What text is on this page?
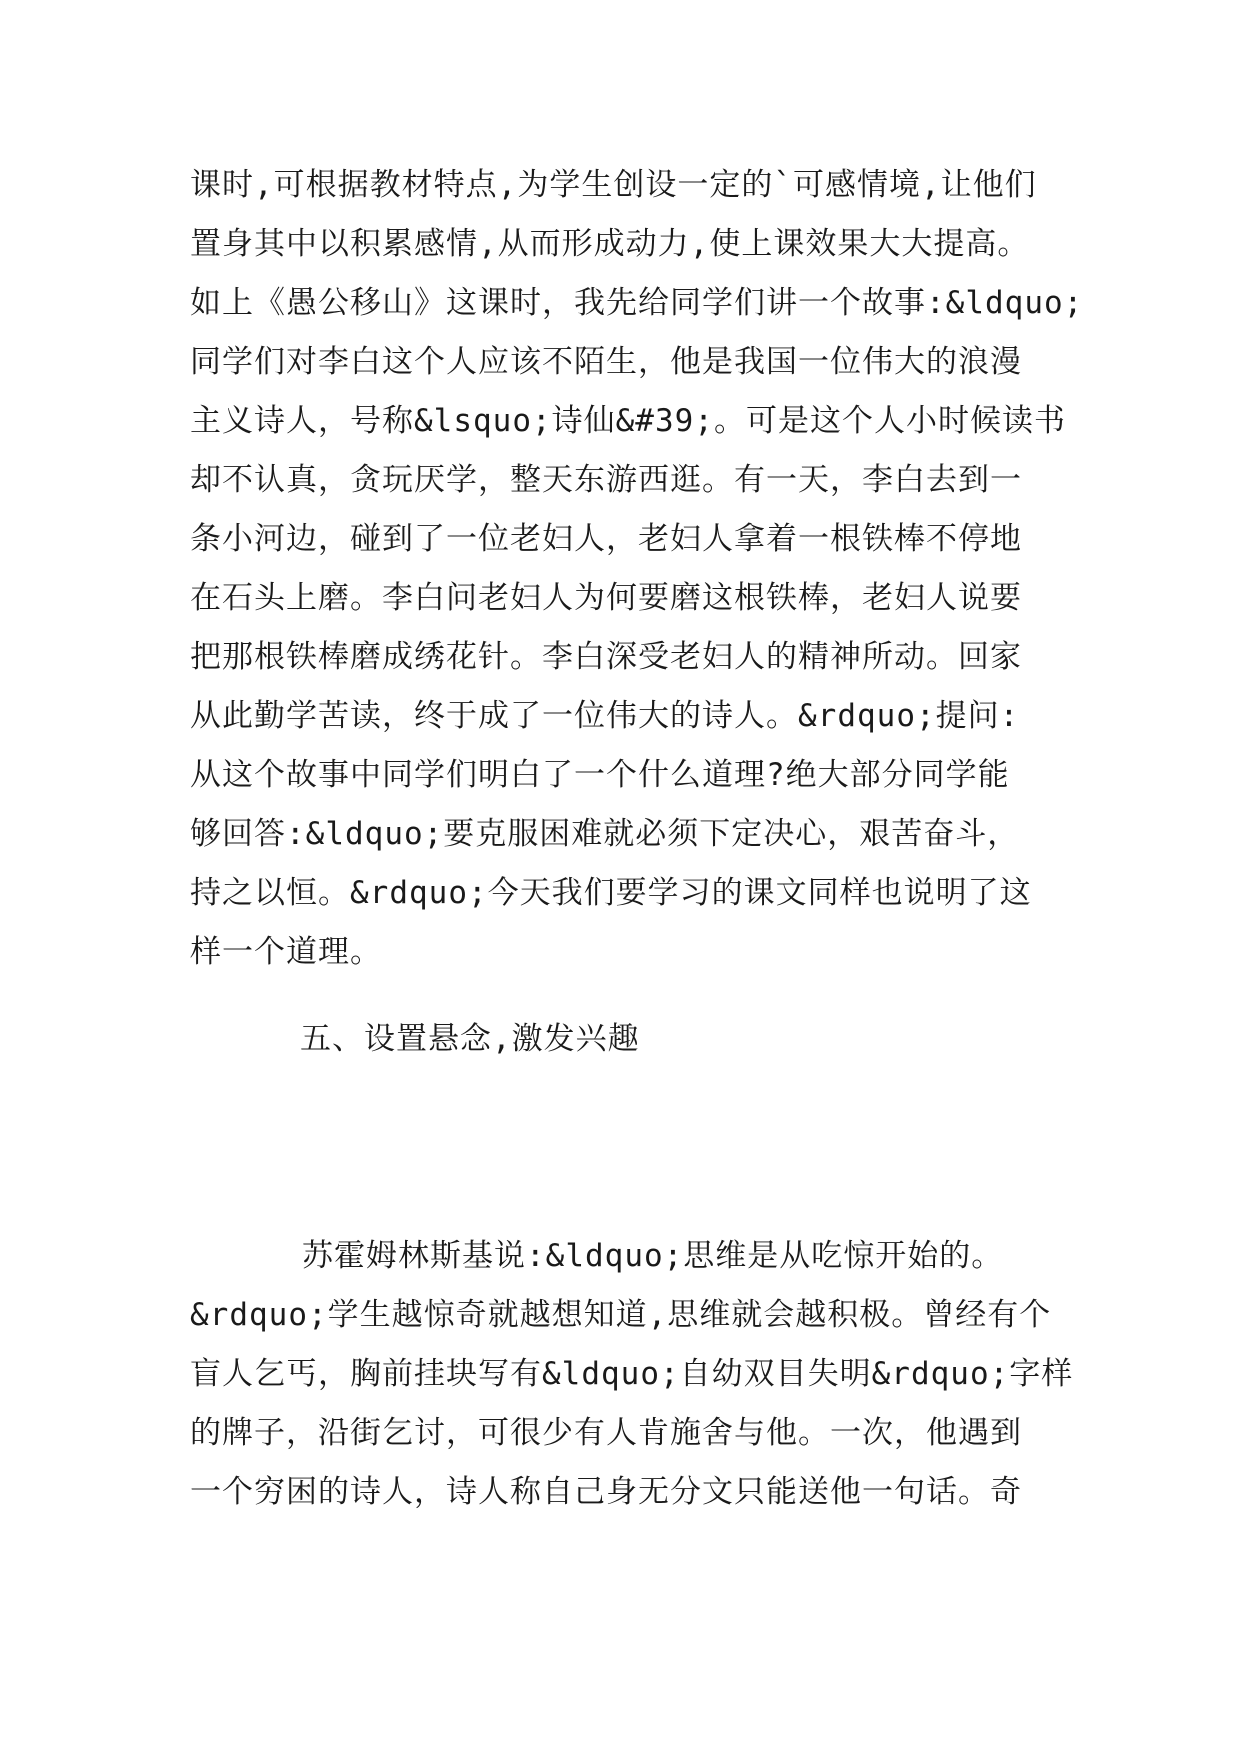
课时,可根据教材特点,为学生创设一定的`可感情境,让他们
置身其中以积累感情,从而形成动力,使上课效果大大提高。
如上《愚公移山》这课时，我先给同学们讲一个故事:&ldquo;
同学们对李白这个人应该不陌生，他是我国一位伟大的浪漫
主义诗人，号称&lsquo;诗仙&#39;。可是这个人小时候读书
却不认真，贪玩厌学，整天东游西逛。有一天，李白去到一
条小河边，碰到了一位老妇人，老妇人拿着一根铁棒不停地
在石头上磨。李白问老妇人为何要磨这根铁棒，老妇人说要
把那根铁棒磨成绣花针。李白深受老妇人的精神所动。回家
从此勤学苦读，终于成了一位伟大的诗人。&rdquo;提问:
从这个故事中同学们明白了一个什么道理?绝大部分同学能
够回答:&ldquo;要克服困难就必须下定决心，艰苦奋斗，
持之以恒。&rdquo;今天我们要学习的课文同样也说明了这
样一个道理。
五、设置悬念,激发兴趣
苏霍姆林斯基说:&ldquo;思维是从吃惊开始的。
&rdquo;学生越惊奇就越想知道,思维就会越积极。曾经有个
盲人乞丐，胸前挂块写有&ldquo;自幼双目失明&rdquo;字样
的牌子，沿街乞讨，可很少有人肯施舍与他。一次，他遇到
一个穷困的诗人，诗人称自己身无分文只能送他一句话。奇
